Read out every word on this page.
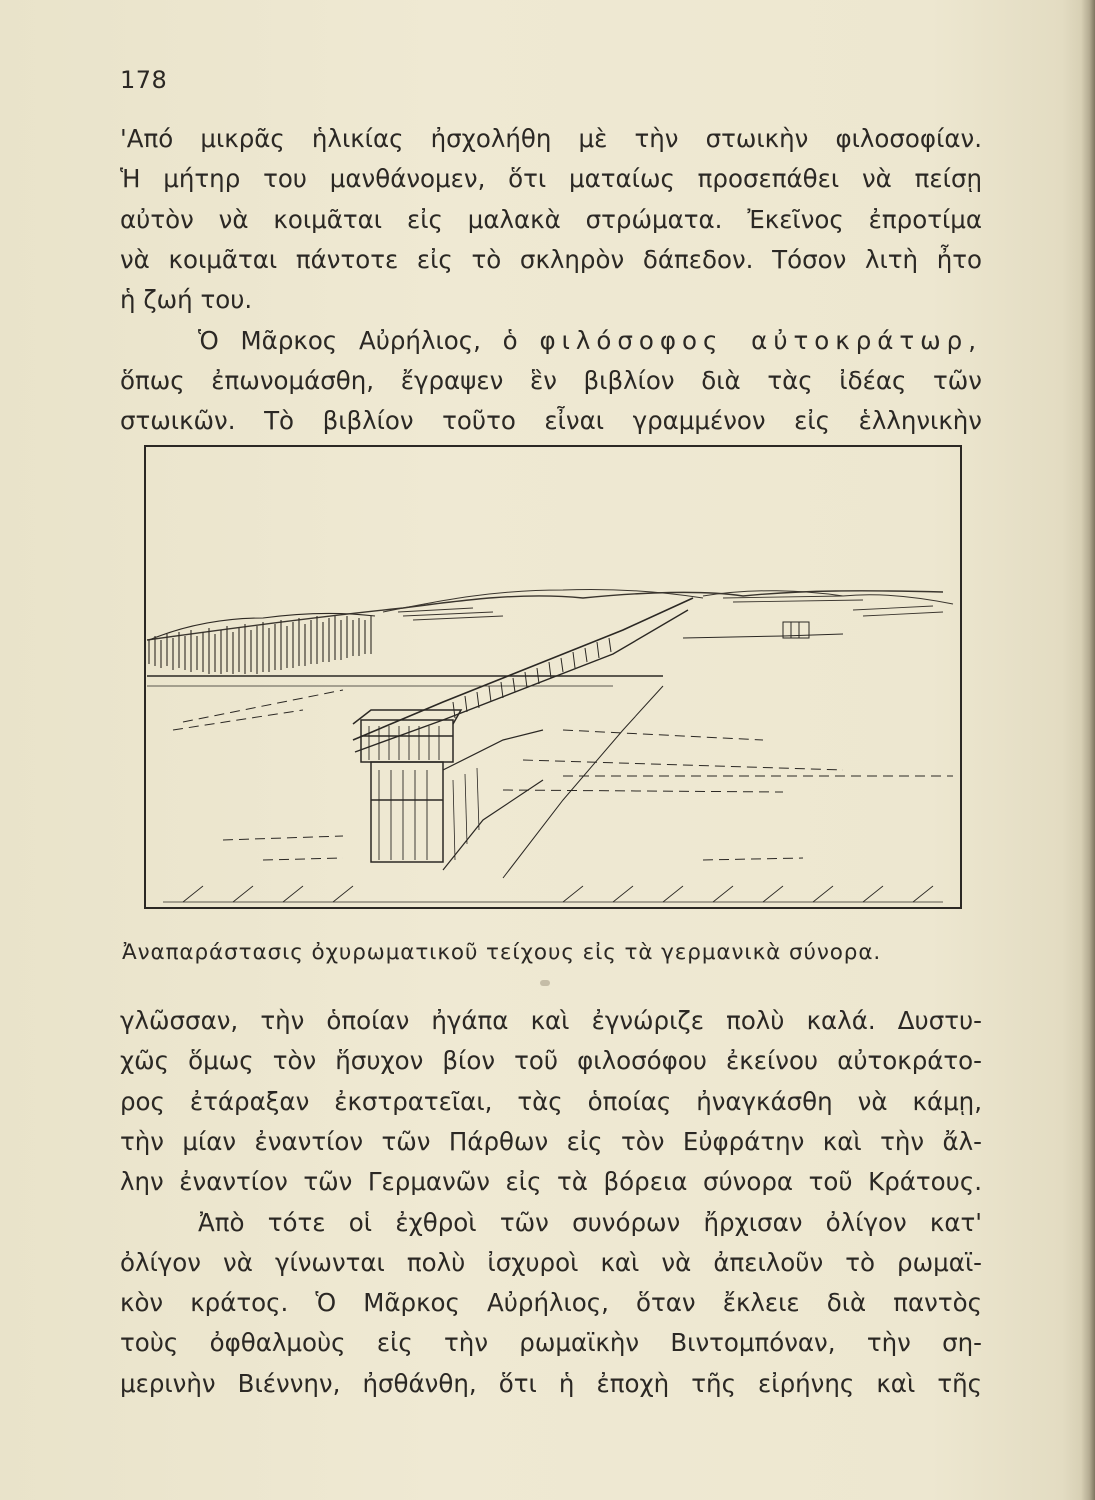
178
'Από μικρᾶς ἡλικίας ἠσχολήθη μὲ τὴν στωικὴν φιλοσοφίαν.
Ἡ μήτηρ του μανθάνομεν, ὅτι ματαίως προσεπάθει νὰ πείσῃ
αὐτὸν νὰ κοιμᾶται εἰς μαλακὰ στρώματα. Ἐκεῖνος ἐπροτίμα
νὰ κοιμᾶται πάντοτε εἰς τὸ σκληρὸν δάπεδον. Τόσον λιτὴ ἦτο
ἡ ζωή του.
Ὁ Μᾶρκος Αὐρήλιος, ὁ φιλόσοφος αὐτοκράτωρ,
ὅπως ἐπωνομάσθη, ἔγραψεν ἓν βιβλίον διὰ τὰς ἰδέας τῶν
στωικῶν. Τὸ βιβλίον τοῦτο εἶναι γραμμένον εἰς ἑλληνικὴν
Ἀναπαράστασις ὀχυρωματικοῦ τείχους εἰς τὰ γερμανικὰ σύνορα.
γλῶσσαν, τὴν ὁποίαν ἠγάπα καὶ ἐγνώριζε πολὺ καλά. Δυστυ-
χῶς ὅμως τὸν ἥσυχον βίον τοῦ φιλοσόφου ἐκείνου αὐτοκράτο-
ρος ἐτάραξαν ἐκστρατεῖαι, τὰς ὁποίας ἠναγκάσθη νὰ κάμῃ,
τὴν μίαν ἐναντίον τῶν Πάρθων εἰς τὸν Εὐφράτην καὶ τὴν ἄλ-
λην ἐναντίον τῶν Γερμανῶν εἰς τὰ βόρεια σύνορα τοῦ Κράτους.
Ἀπὸ τότε οἱ ἐχθροὶ τῶν συνόρων ἤρχισαν ὀλίγον κατ'
ὀλίγον νὰ γίνωνται πολὺ ἰσχυροὶ καὶ νὰ ἀπειλοῦν τὸ ρωμαϊ-
κὸν κράτος. Ὁ Μᾶρκος Αὐρήλιος, ὅταν ἔκλειε διὰ παντὸς
τοὺς ὀφθαλμοὺς εἰς τὴν ρωμαϊκὴν Βιντομπόναν, τὴν ση-
μερινὴν Βιέννην, ἠσθάνθη, ὅτι ἡ ἐποχὴ τῆς εἰρήνης καὶ τῆς
